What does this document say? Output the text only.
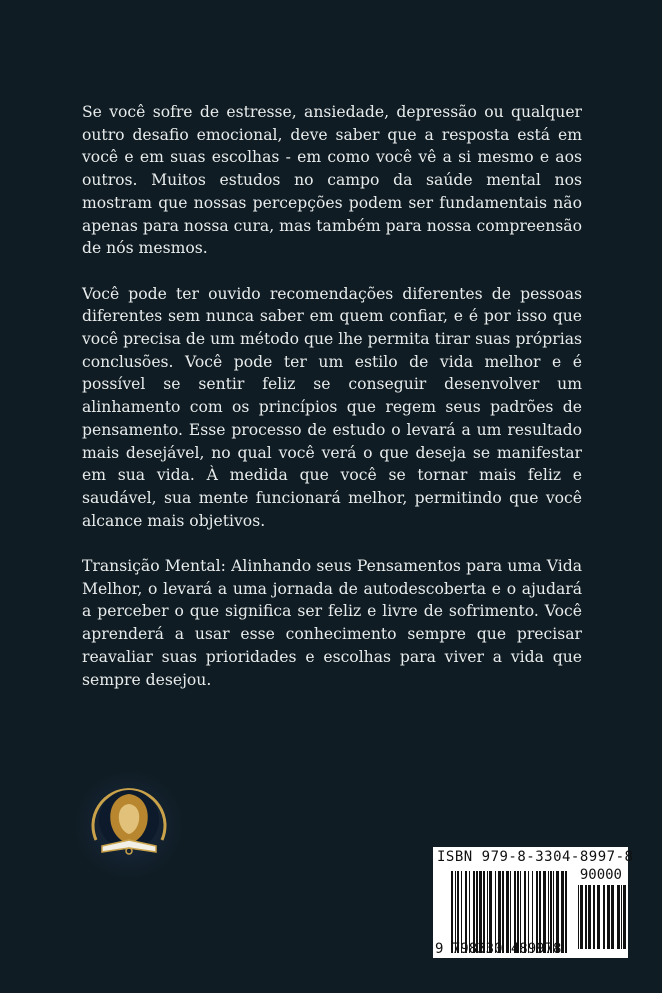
Se você sofre de estresse, ansiedade, depressão ou qualquer outro desafio emocional, deve saber que a resposta está em você e em suas escolhas - em como você vê a si mesmo e aos outros. Muitos estudos no campo da saúde mental nos mostram que nossas percepções podem ser fundamentais não apenas para nossa cura, mas também para nossa compreensão de nós mesmos.

Você pode ter ouvido recomendações diferentes de pessoas diferentes sem nunca saber em quem confiar, e é por isso que você precisa de um método que lhe permita tirar suas próprias conclusões. Você pode ter um estilo de vida melhor e é possível se sentir feliz se conseguir desenvolver um alinhamento com os princípios que regem seus padrões de pensamento. Esse processo de estudo o levará a um resultado mais desejável, no qual você verá o que deseja se manifestar em sua vida. À medida que você se tornar mais feliz e saudável, sua mente funcionará melhor, permitindo que você alcance mais objetivos.

Transição Mental: Alinhando seus Pensamentos para uma Vida Melhor, o levará a uma jornada de autodescoberta e o ajudará a perceber o que significa ser feliz e livre de sofrimento. Você aprenderá a usar esse conhecimento sempre que precisar reavaliar suas prioridades e escolhas para viver a vida que sempre desejou.

ISBN 979-8-3304-8997-8
90000
9 798330 489978
